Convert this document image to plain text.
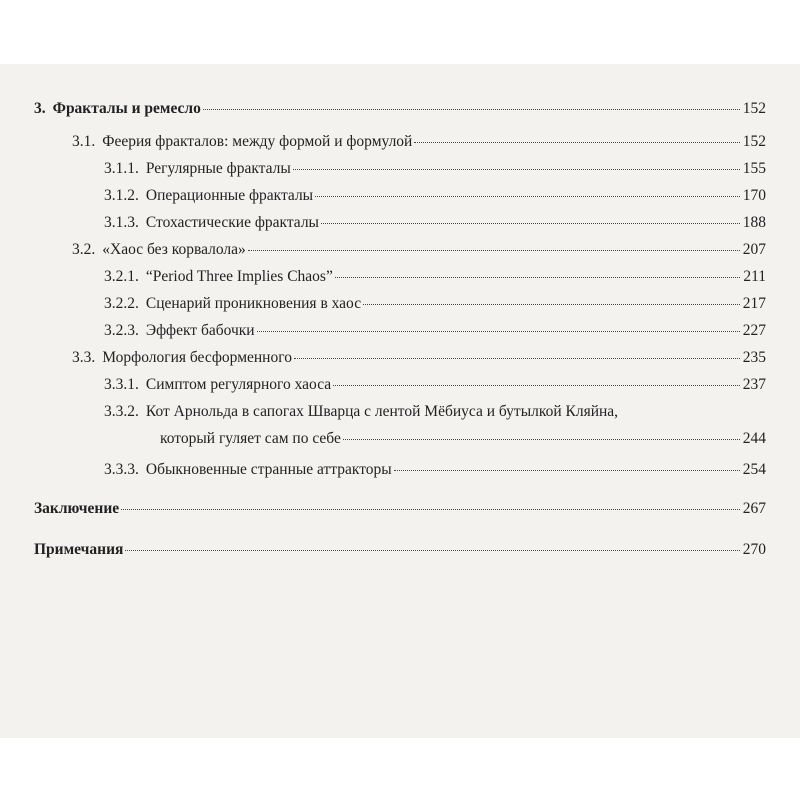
3. Фракталы и ремесло	152
3.1. Феерия фракталов: между формой и формулой	152
3.1.1. Регулярные фракталы	155
3.1.2. Операционные фракталы	170
3.1.3. Стохастические фракталы	188
3.2. «Хаос без корвалола»	207
3.2.1. “Period Three Implies Chaos”	211
3.2.2. Сценарий проникновения в хаос	217
3.2.3. Эффект бабочки	227
3.3. Морфология бесформенного	235
3.3.1. Симптом регулярного хаоса	237
3.3.2. Кот Арнольда в сапогах Шварца с лентой Мёбиуса и бутылкой Кляйна,
который гуляет сам по себе	244
3.3.3. Обыкновенные странные аттракторы	254
Заключение	267
Примечания	270
